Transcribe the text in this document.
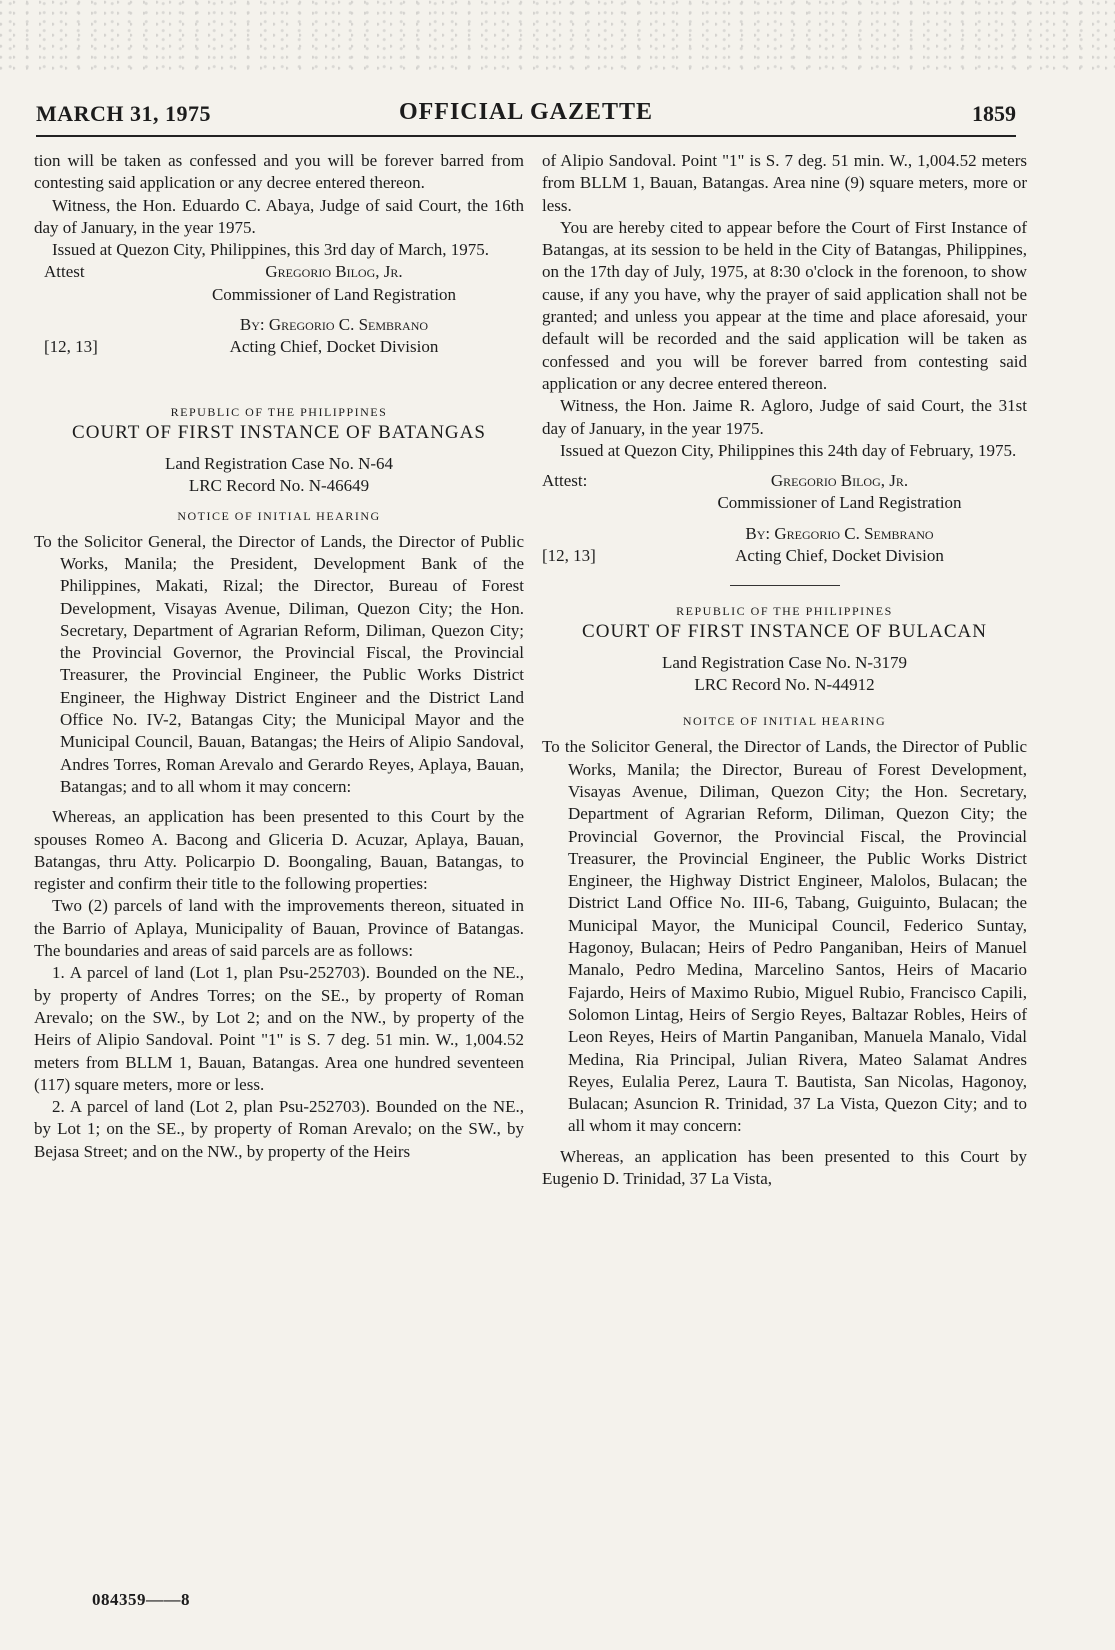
MARCH 31, 1975	OFFICIAL GAZETTE	1859

tion will be taken as confessed and you will be forever barred from contesting said application or any decree entered thereon.

Witness, the Hon. Eduardo C. Abaya, Judge of said Court, the 16th day of January, in the year 1975.

Issued at Quezon City, Philippines, this 3rd day of March, 1975.

Attest	Gregorio Bilog, Jr.
Commissioner of Land Registration
By: Gregorio C. Sembrano
[12, 13]	Acting Chief, Docket Division
REPUBLIC OF THE PHILIPPINES
COURT OF FIRST INSTANCE OF BATANGAS
Land Registration Case No. N-64
LRC Record No. N-46649
NOTICE OF INITIAL HEARING

To the Solicitor General, the Director of Lands, the Director of Public Works, Manila; the President, Development Bank of the Philippines, Makati, Rizal; the Director, Bureau of Forest Development, Visayas Avenue, Diliman, Quezon City; the Hon. Secretary, Department of Agrarian Reform, Diliman, Quezon City; the Provincial Governor, the Provincial Fiscal, the Provincial Treasurer, the Provincial Engineer, the Public Works District Engineer, the Highway District Engineer and the District Land Office No. IV-2, Batangas City; the Municipal Mayor and the Municipal Council, Bauan, Batangas; the Heirs of Alipio Sandoval, Andres Torres, Roman Arevalo and Gerardo Reyes, Aplaya, Bauan, Batangas; and to all whom it may concern:

Whereas, an application has been presented to this Court by the spouses Romeo A. Bacong and Gliceria D. Acuzar, Aplaya, Bauan, Batangas, thru Atty. Policarpio D. Boongaling, Bauan, Batangas, to register and confirm their title to the following properties:

Two (2) parcels of land with the improvements thereon, situated in the Barrio of Aplaya, Municipality of Bauan, Province of Batangas. The boundaries and areas of said parcels are as follows:

1. A parcel of land (Lot 1, plan Psu-252703). Bounded on the NE., by property of Andres Torres; on the SE., by property of Roman Arevalo; on the SW., by Lot 2; and on the NW., by property of the Heirs of Alipio Sandoval. Point "1" is S. 7 deg. 51 min. W., 1,004.52 meters from BLLM 1, Bauan, Batangas. Area one hundred seventeen (117) square meters, more or less.

2. A parcel of land (Lot 2, plan Psu-252703). Bounded on the NE., by Lot 1; on the SE., by property of Roman Arevalo; on the SW., by Bejasa Street; and on the NW., by property of the Heirs

of Alipio Sandoval. Point "1" is S. 7 deg. 51 min. W., 1,004.52 meters from BLLM 1, Bauan, Batangas. Area nine (9) square meters, more or less.

You are hereby cited to appear before the Court of First Instance of Batangas, at its session to be held in the City of Batangas, Philippines, on the 17th day of July, 1975, at 8:30 o'clock in the forenoon, to show cause, if any you have, why the prayer of said application shall not be granted; and unless you appear at the time and place aforesaid, your default will be recorded and the said application will be taken as confessed and you will be forever barred from contesting said application or any decree entered thereon.

Witness, the Hon. Jaime R. Agloro, Judge of said Court, the 31st day of January, in the year 1975.

Issued at Quezon City, Philippines this 24th day of February, 1975.

Attest:	Gregorio Bilog, Jr.
Commissioner of Land Registration
By: Gregorio C. Sembrano
[12, 13]	Acting Chief, Docket Division
REPUBLIC OF THE PHILIPPINES
COURT OF FIRST INSTANCE OF BULACAN
Land Registration Case No. N-3179
LRC Record No. N-44912
NOITCE OF INITIAL HEARING

To the Solicitor General, the Director of Lands, the Director of Public Works, Manila; the Director, Bureau of Forest Development, Visayas Avenue, Diliman, Quezon City; the Hon. Secretary, Department of Agrarian Reform, Diliman, Quezon City; the Provincial Governor, the Provincial Fiscal, the Provincial Treasurer, the Provincial Engineer, the Public Works District Engineer, the Highway District Engineer, Malolos, Bulacan; the District Land Office No. III-6, Tabang, Guiguinto, Bulacan; the Municipal Mayor, the Municipal Council, Federico Suntay, Hagonoy, Bulacan; Heirs of Pedro Panganiban, Heirs of Manuel Manalo, Pedro Medina, Marcelino Santos, Heirs of Macario Fajardo, Heirs of Maximo Rubio, Miguel Rubio, Francisco Capili, Solomon Lintag, Heirs of Sergio Reyes, Baltazar Robles, Heirs of Leon Reyes, Heirs of Martin Panganiban, Manuela Manalo, Vidal Medina, Ria Principal, Julian Rivera, Mateo Salamat Andres Reyes, Eulalia Perez, Laura T. Bautista, San Nicolas, Hagonoy, Bulacan; Asuncion R. Trinidad, 37 La Vista, Quezon City; and to all whom it may concern:

Whereas, an application has been presented to this Court by Eugenio D. Trinidad, 37 La Vista,

084359——8
